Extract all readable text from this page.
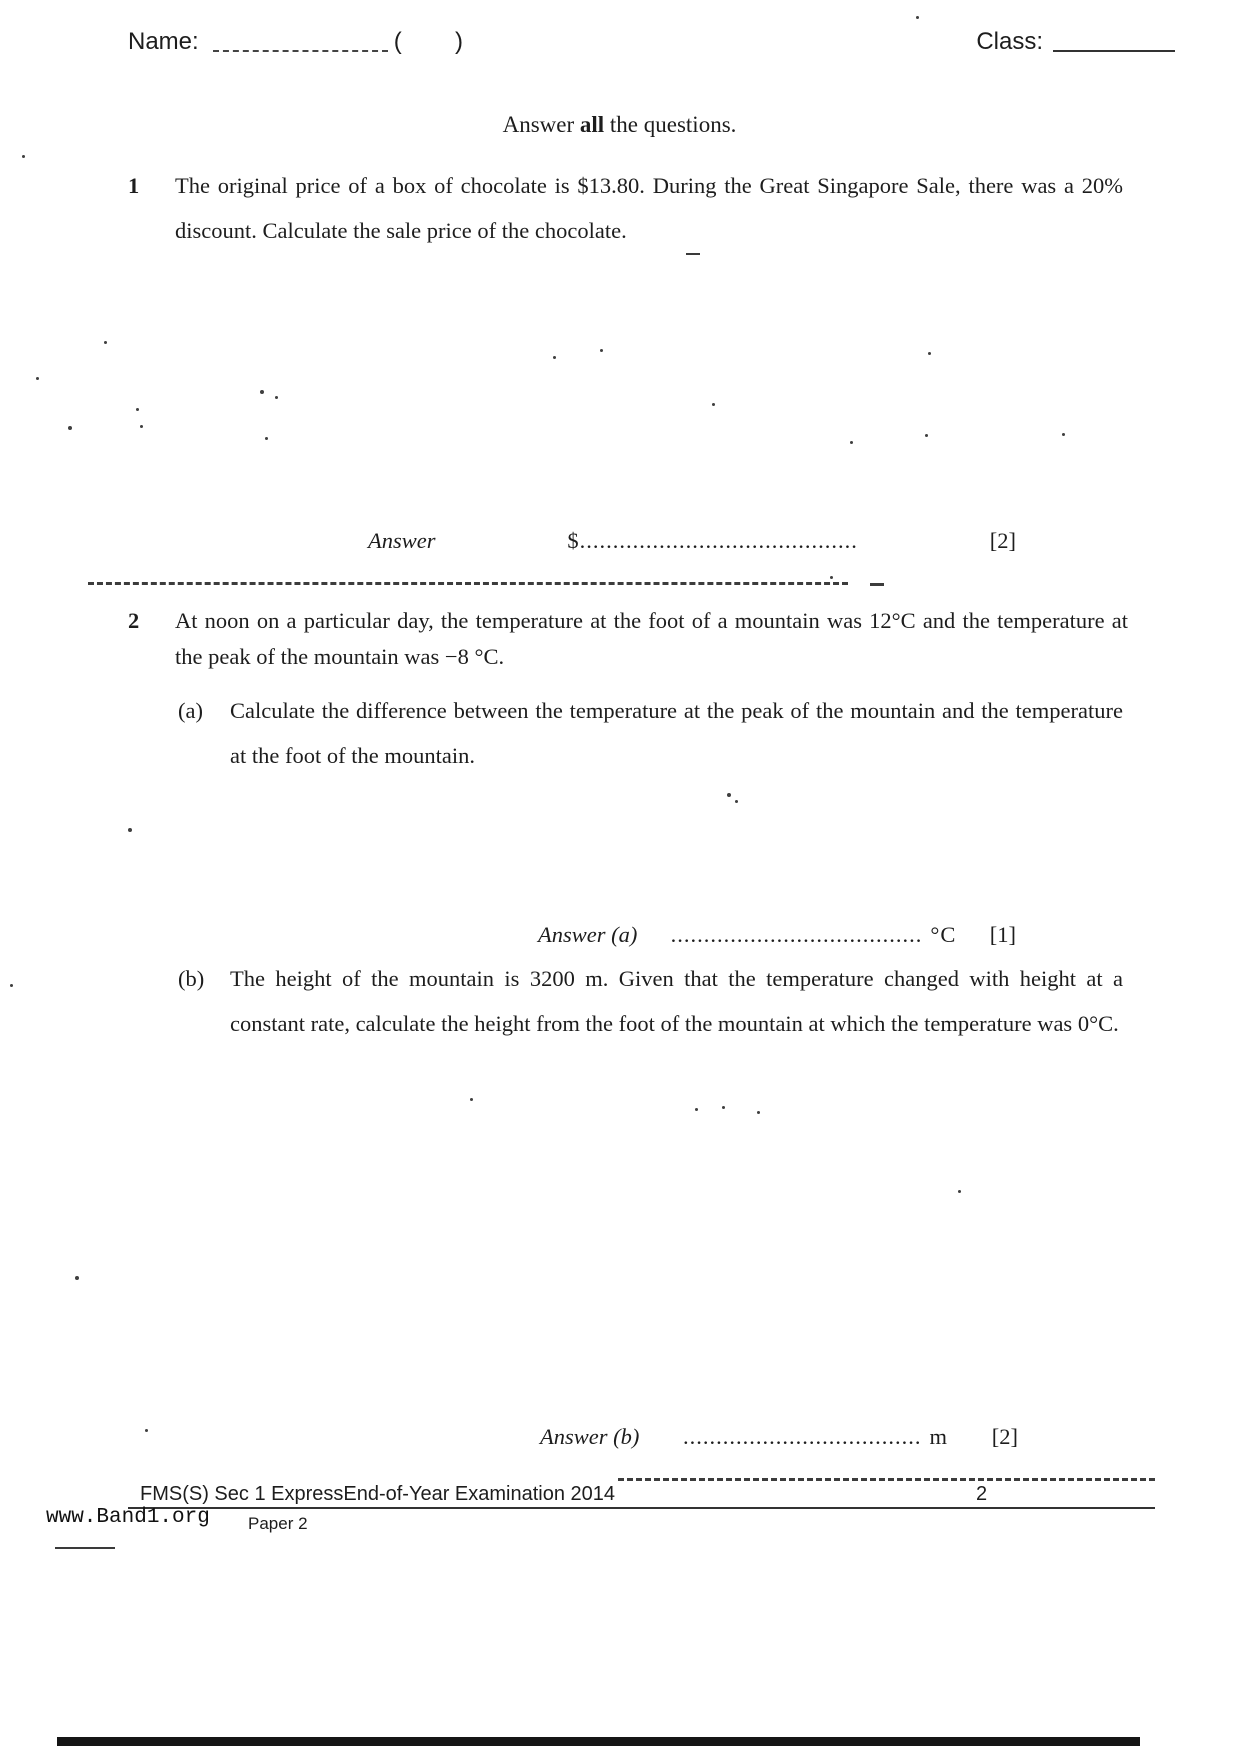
Name:	(        )	Class:
Answer all the questions.
1	The original price of a box of chocolate is $13.80. During the Great Singapore Sale, there was a 20% discount. Calculate the sale price of the chocolate.
Answer	$..........................................	[2]
2	At noon on a particular day, the temperature at the foot of a mountain was 12°C and the temperature at the peak of the mountain was −8 °C.
(a)	Calculate the difference between the temperature at the peak of the mountain and the temperature at the foot of the mountain.
Answer (a) ...................................... °C [1]
(b)	The height of the mountain is 3200 m. Given that the temperature changed with height at a constant rate, calculate the height from the foot of the mountain at which the temperature was 0°C.
Answer (b) .................................... m [2]
FMS(S) Sec 1 ExpressEnd-of-Year Examination 2014	2
www.Band1.org Paper 2
